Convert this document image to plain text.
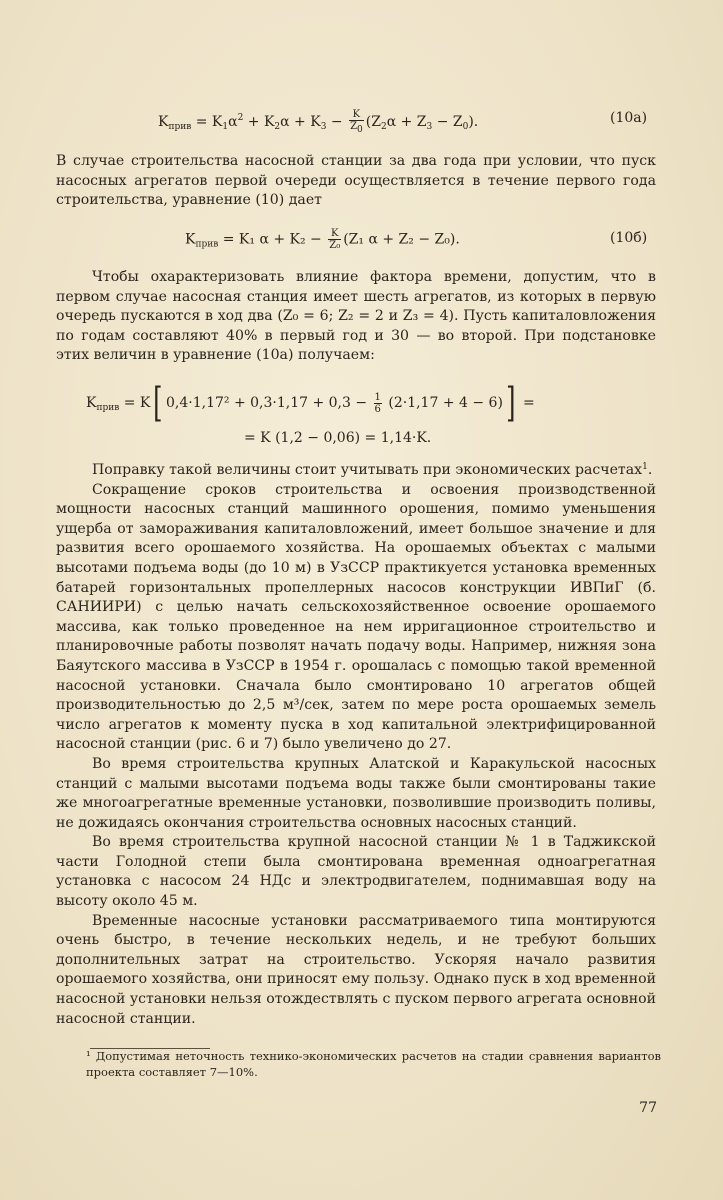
$K_{прив} = K_1\alpha^2 + K_2\alpha + K_3 - \frac{K}{Z0} (Z_2\alpha + Z_3 - Z_0)$.	(10a)

В случае строительства насосной станции за два года при условии, что пуск насосных агрегатов первой очереди осуществляется в течение первого года строительства, уравнение (10) дает

$K_{прив} = K_1$ $\alpha + K_2 - \frac{K}{\text{Z₀}} (Z_1$ α + Z₂ − Z₀).	(10б)

Чтобы охарактеризовать влияние фактора времени, допустим, что в первом случае насосная станция имеет шесть агрегатов, из которых в первую очередь пускаются в ход два (Z₀ = 6; Z₂ = 2 и Z₃ = 4). Пусть капиталовложения по годам составляют 40% в первый год и 30 — во второй. При подстановке этих величин в уравнение (10а) получаем:

$K_{прив} = K$[ $0,4\cdot 1,17^2 + 0,3\cdot 1,17 + 0,3 - \frac{1}{6} (2\cdot 1,17 + 4 - 6)$] =
= K (1,2 − 0,06) = 1,14·K.

Поправку такой величины стоит учитывать при экономических расчетах$^1$.

Сокращение сроков строительства и освоения производственной мощности насосных станций машинного орошения, помимо уменьшения ущерба от замораживания капиталовложений, имеет большое значение и для развития всего орошаемого хозяйства. На орошаемых объектах с малыми высотами подъема воды (до 10 м) в УзССР практикуется установка временных батарей горизонтальных пропеллерных насосов конструкции ИВПиГ (б. САНИИРИ) с целью начать сельскохозяйственное освоение орошаемого массива, как только проведенное на нем ирригационное строительство и планировочные работы позволят начать подачу воды. Например, нижняя зона Баяутского массива в УзССР в 1954 г. орошалась с помощью такой временной насосной установки. Сначала было смонтировано 10 агрегатов общей производительностью до 2,5 м³/сек, затем по мере роста орошаемых земель число агрегатов к моменту пуска в ход капитальной электрифицированной насосной станции (рис. 6 и 7) было увеличено до 27.

Во время строительства крупных Алатской и Каракульской насосных станций с малыми высотами подъема воды также были смонтированы такие же многоагрегатные временные установки, позволившие производить поливы, не дожидаясь окончания строительства основных насосных станций.

Во время строительства крупной насосной станции № 1 в Таджикской части Голодной степи была смонтирована временная одноагрегатная установка с насосом 24 НДс и электродвигателем, поднимавшая воду на высоту около 45 м.

Временные насосные установки рассматриваемого типа монтируются очень быстро, в течение нескольких недель, и не требуют больших дополнительных затрат на строительство. Ускоряя начало развития орошаемого хозяйства, они приносят ему пользу. Однако пуск в ход временной насосной установки нельзя отождествлять с пуском первого агрегата основной насосной станции.

¹ Допустимая неточность технико-экономических расчетов на стадии сравнения вариантов проекта составляет 7—10%.
77
